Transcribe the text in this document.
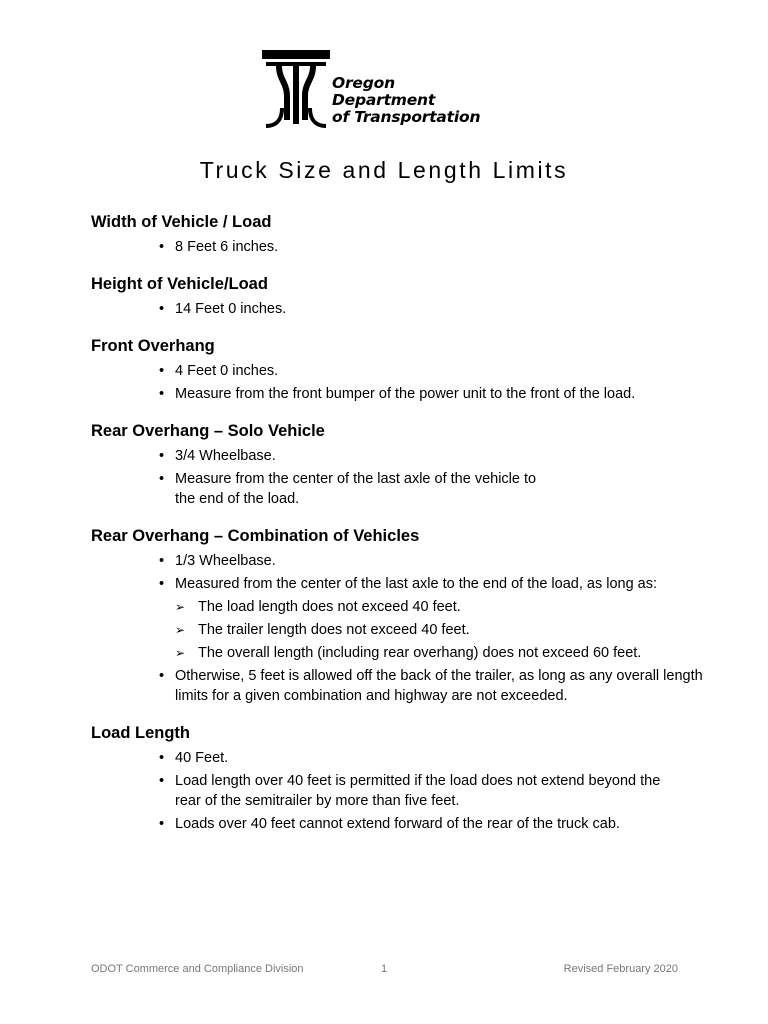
Oregon
Department
of Transportation
Truck Size and Length Limits
Width of Vehicle / Load
• 8 Feet 6 inches.
Height of Vehicle/Load
• 14 Feet 0 inches.
Front Overhang
• 4 Feet 0 inches.
• Measure from the front bumper of the power unit to the front of the load.
Rear Overhang – Solo Vehicle
• 3/4 Wheelbase.
• Measure from the center of the last axle of the vehicle to the end of the load.
Rear Overhang – Combination of Vehicles
• 1/3 Wheelbase.
• Measured from the center of the last axle to the end of the load, as long as:
➢ The load length does not exceed 40 feet.
➢ The trailer length does not exceed 40 feet.
➢ The overall length (including rear overhang) does not exceed 60 feet.
• Otherwise, 5 feet is allowed off the back of the trailer, as long as any overall length limits for a given combination and highway are not exceeded.
Load Length
• 40 Feet.
• Load length over 40 feet is permitted if the load does not extend beyond the rear of the semitrailer by more than five feet.
• Loads over 40 feet cannot extend forward of the rear of the truck cab.
ODOT Commerce and Compliance Division	1	Revised February 2020
